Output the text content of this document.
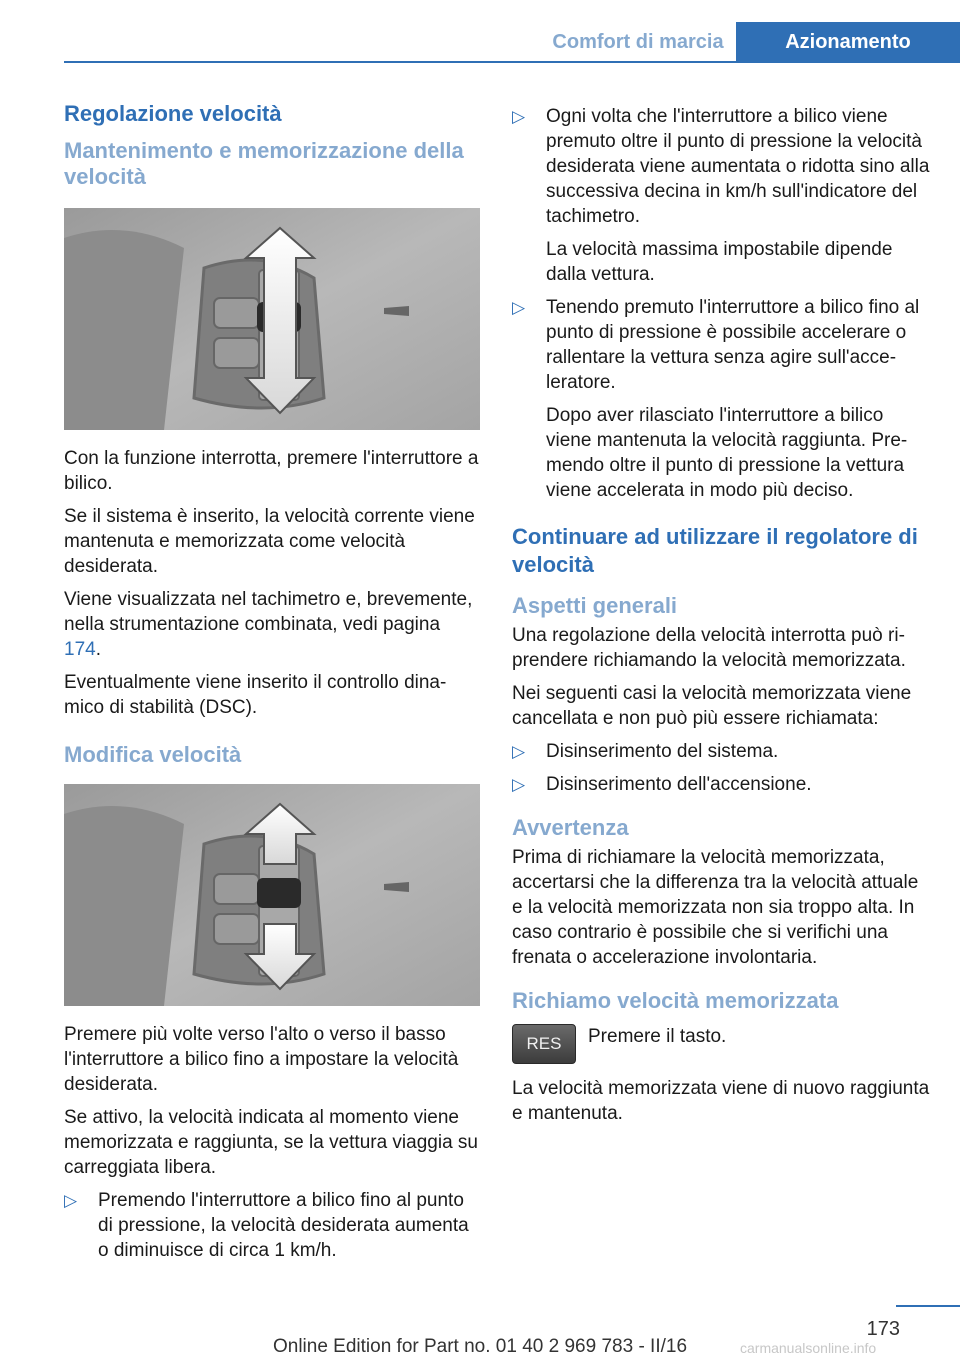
Comfort di marcia	Azionamento
Regolazione velocità
Mantenimento e memorizzazione della velocità

Con la funzione interrotta, premere l'interruttore a bilico.

Se il sistema è inserito, la velocità corrente viene mantenuta e memorizzata come velocità desiderata.

Viene visualizzata nel tachimetro e, brevemente, nella strumentazione combinata, vedi pagina 174.

Eventualmente viene inserito il controllo dinamico di stabilità (DSC).

Modifica velocità

Premere più volte verso l'alto o verso il basso l'interruttore a bilico fino a impostare la velocità desiderata.

Se attivo, la velocità indicata al momento viene memorizzata e raggiunta, se la vettura viaggia su carreggiata libera.

▷ Premendo l'interruttore a bilico fino al punto di pressione, la velocità desiderata aumenta o diminuisce di circa 1 km/h.
▷ Ogni volta che l'interruttore a bilico viene premuto oltre il punto di pressione la velocità desiderata viene aumentata o ridotta sino alla successiva decina in km/h sull'indicatore del tachimetro.
La velocità massima impostabile dipende dalla vettura.
▷ Tenendo premuto l'interruttore a bilico fino al punto di pressione è possibile accelerare o rallentare la vettura senza agire sull'acceleratore.
Dopo aver rilasciato l'interruttore a bilico viene mantenuta la velocità raggiunta. Premendo oltre il punto di pressione la vettura viene accelerata in modo più deciso.
Continuare ad utilizzare il regolatore di velocità
Aspetti generali

Una regolazione della velocità interrotta può riprendere richiamando la velocità memorizzata.

Nei seguenti casi la velocità memorizzata viene cancellata e non può più essere richiamata:

▷ Disinserimento del sistema.
▷ Disinserimento dell'accensione.
Avvertenza

Prima di richiamare la velocità memorizzata, accertarsi che la differenza tra la velocità attuale e la velocità memorizzata non sia troppo alta. In caso contrario è possibile che si verifichi una frenata o accelerazione involontaria.

Richiamo velocità memorizzata
RES	Premere il tasto.

La velocità memorizzata viene di nuovo raggiunta e mantenuta.

173
Online Edition for Part no. 01 40 2 969 783 - II/16	carmanualsonline.info
